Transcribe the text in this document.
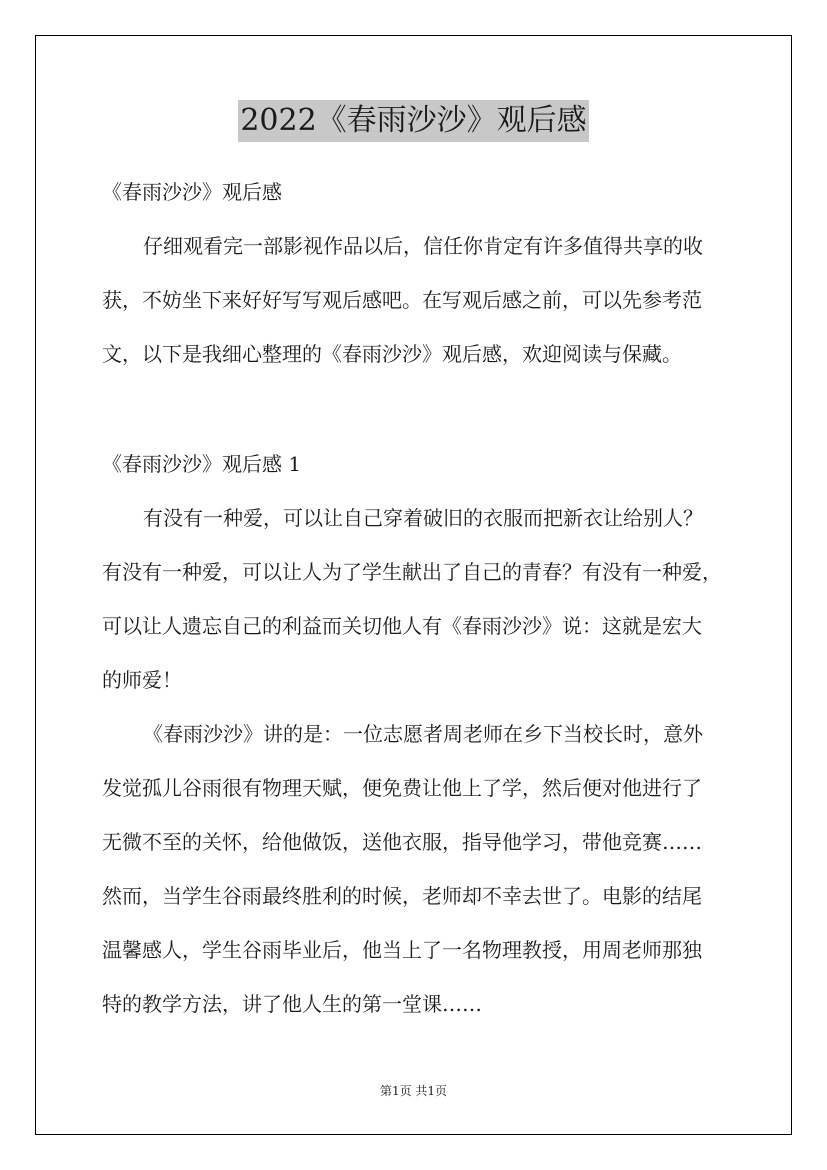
2022《春雨沙沙》观后感
《春雨沙沙》观后感
仔细观看完一部影视作品以后，信任你肯定有许多值得共享的收
获，不妨坐下来好好写写观后感吧。在写观后感之前，可以先参考范
文，以下是我细心整理的《春雨沙沙》观后感，欢迎阅读与保藏。
《春雨沙沙》观后感 1
有没有一种爱，可以让自己穿着破旧的衣服而把新衣让给别人？
有没有一种爱，可以让人为了学生献出了自己的青春？有没有一种爱，
可以让人遗忘自己的利益而关切他人有《春雨沙沙》说：这就是宏大
的师爱！
《春雨沙沙》讲的是：一位志愿者周老师在乡下当校长时，意外
发觉孤儿谷雨很有物理天赋，便免费让他上了学，然后便对他进行了
无微不至的关怀，给他做饭，送他衣服，指导他学习，带他竞赛……
然而，当学生谷雨最终胜利的时候，老师却不幸去世了。电影的结尾
温馨感人，学生谷雨毕业后，他当上了一名物理教授，用周老师那独
特的教学方法，讲了他人生的第一堂课……
第1页 共1页
